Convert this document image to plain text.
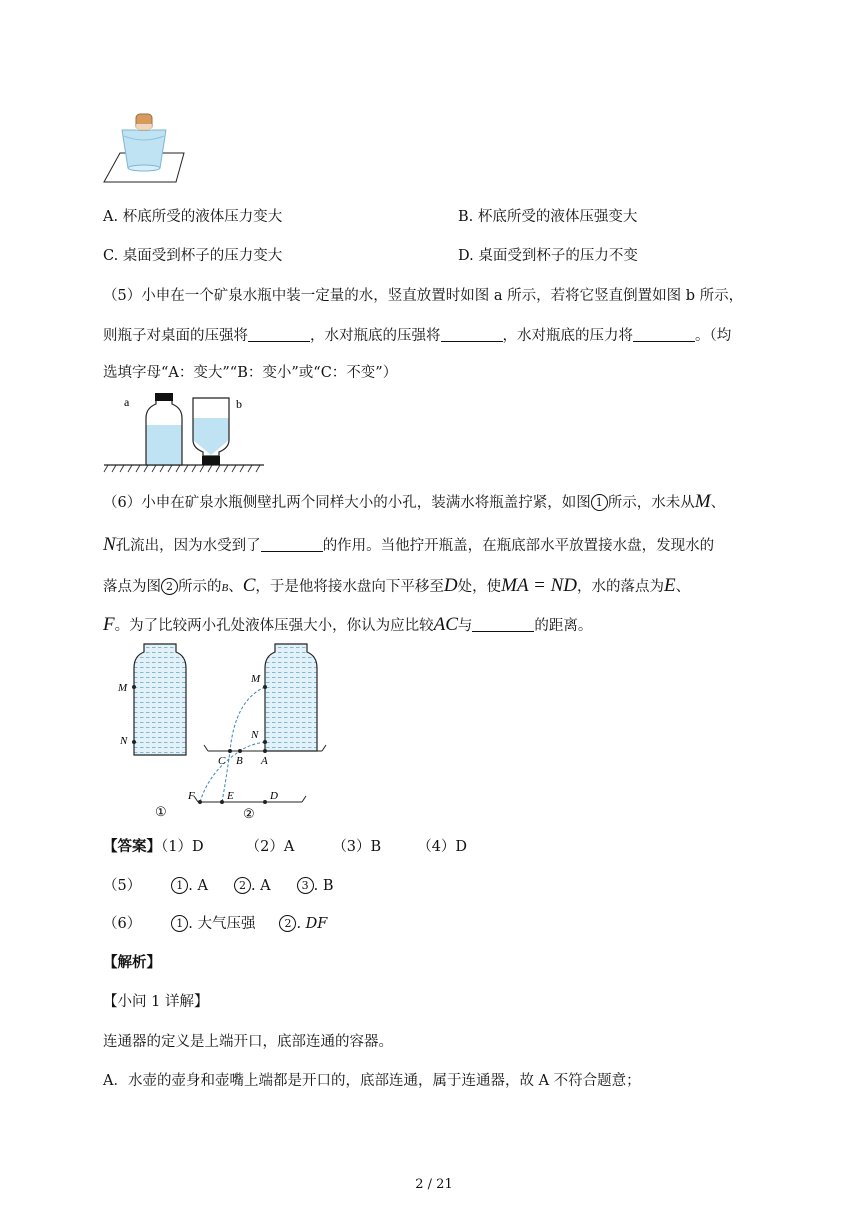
A. 杯底所受的液体压力变大	B. 杯底所受的液体压强变大
C. 桌面受到杯子的压力变大	D. 桌面受到杯子的压力不变
（5）小申在一个矿泉水瓶中装一定量的水，竖直放置时如图 a 所示，若将它竖直倒置如图 b 所示，
则瓶子对桌面的压强将	，水对瓶底的压强将	，水对瓶底的压力将	。（均
选填字母“A：变大”“B：变小”或“C：不变”）
a	b
（6）小申在矿泉水瓶侧壁扎两个同样大小的小孔，装满水将瓶盖拧紧，如图 1 所示，水未从M、
N孔流出，因为水受到了	的作用。当他拧开瓶盖，在瓶底部水平放置接水盘，发现水的
落点为图 2 所示的B、C，于是他将接水盘向下平移至D处，使MA = ND，水的落点为E、
F。为了比较两小孔处液体压强大小，你认为应比较AC与	的距离。
M
N
①
M
N
C B A
F	E	D
②
【答案】（1）D	（2）A	（3）B （4）D
（5）	1 . A	2 . A	3 . B
（6）	1 . 大气压强	2 . DF
【解析】
【小问 1 详解】
连通器的定义是上端开口，底部连通的容器。
A．水壶的壶身和壶嘴上端都是开口的，底部连通，属于连通器，故 A 不符合题意；
2 / 21
